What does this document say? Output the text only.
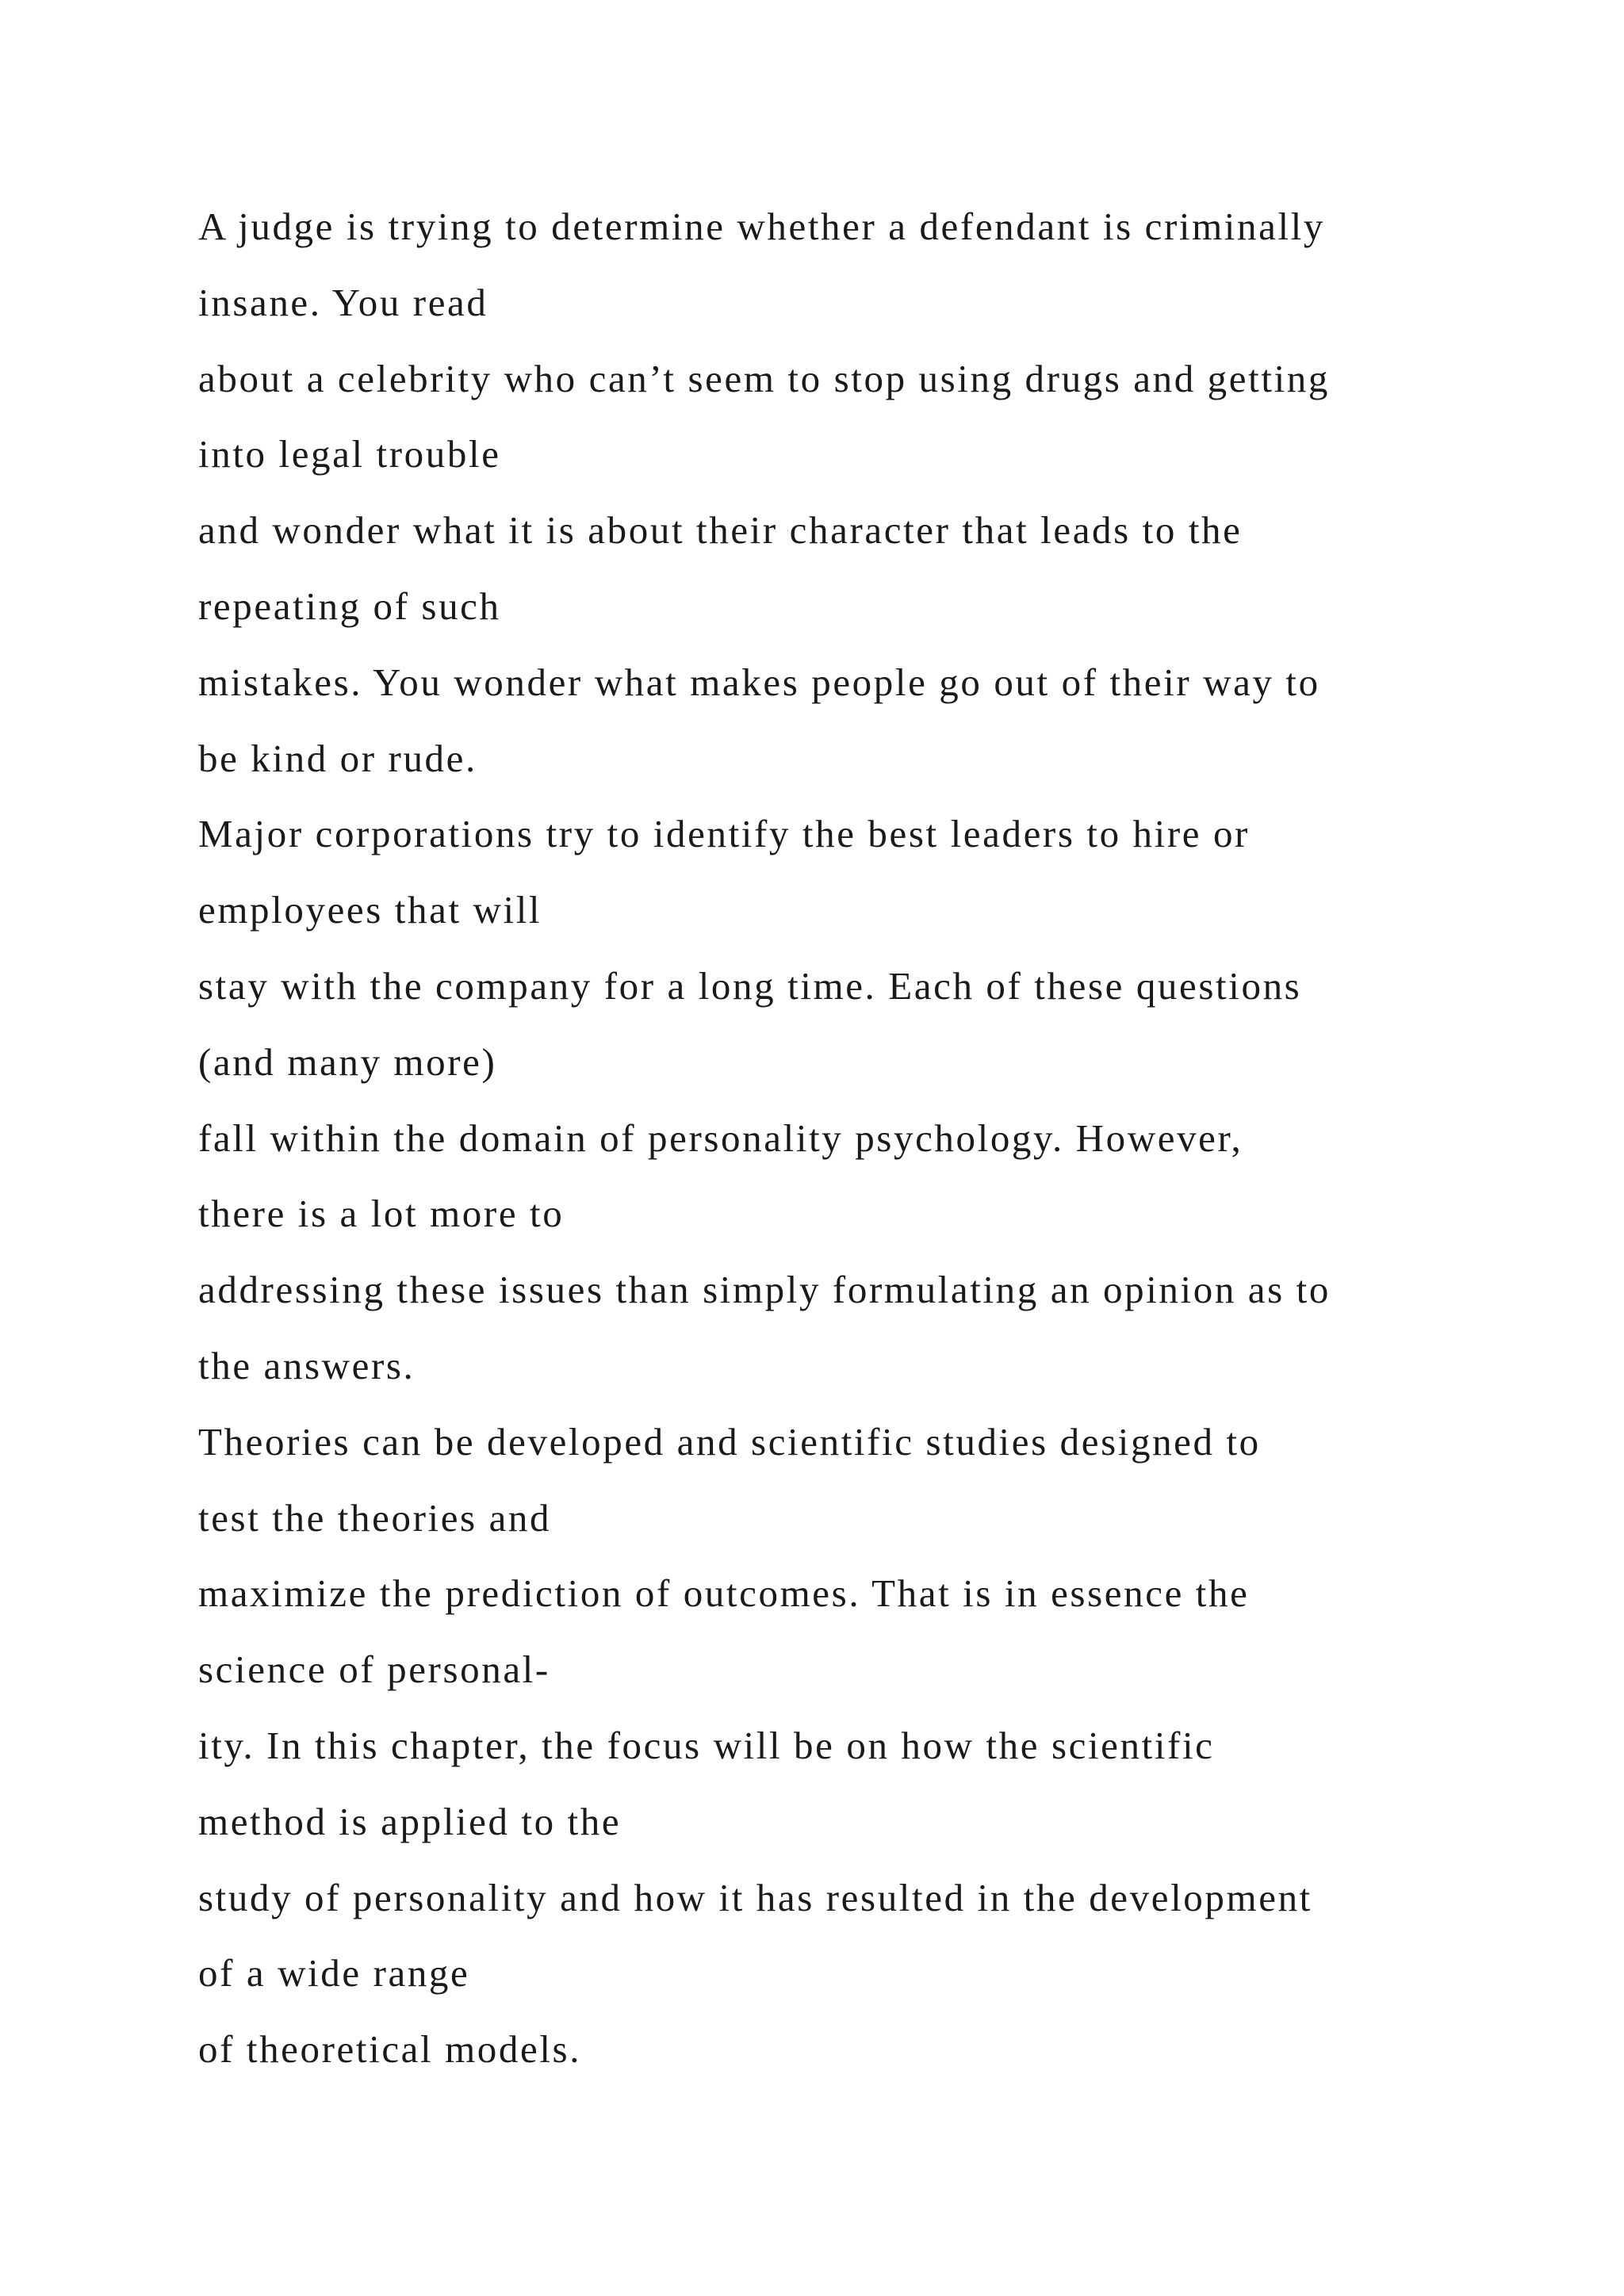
A judge is trying to determine whether a defendant is criminally
insane. You read
about a celebrity who can’t seem to stop using drugs and getting
into legal trouble
and wonder what it is about their character that leads to the
repeating of such
mistakes. You wonder what makes people go out of their way to
be kind or rude.
Major corporations try to identify the best leaders to hire or
employees that will
stay with the company for a long time. Each of these questions
(and many more)
fall within the domain of personality psychology. However,
there is a lot more to
addressing these issues than simply formulating an opinion as to
the answers.
Theories can be developed and scientific studies designed to
test the theories and
maximize the prediction of outcomes. That is in essence the
science of personal-
ity. In this chapter, the focus will be on how the scientific
method is applied to the
study of personality and how it has resulted in the development
of a wide range
of theoretical models.
